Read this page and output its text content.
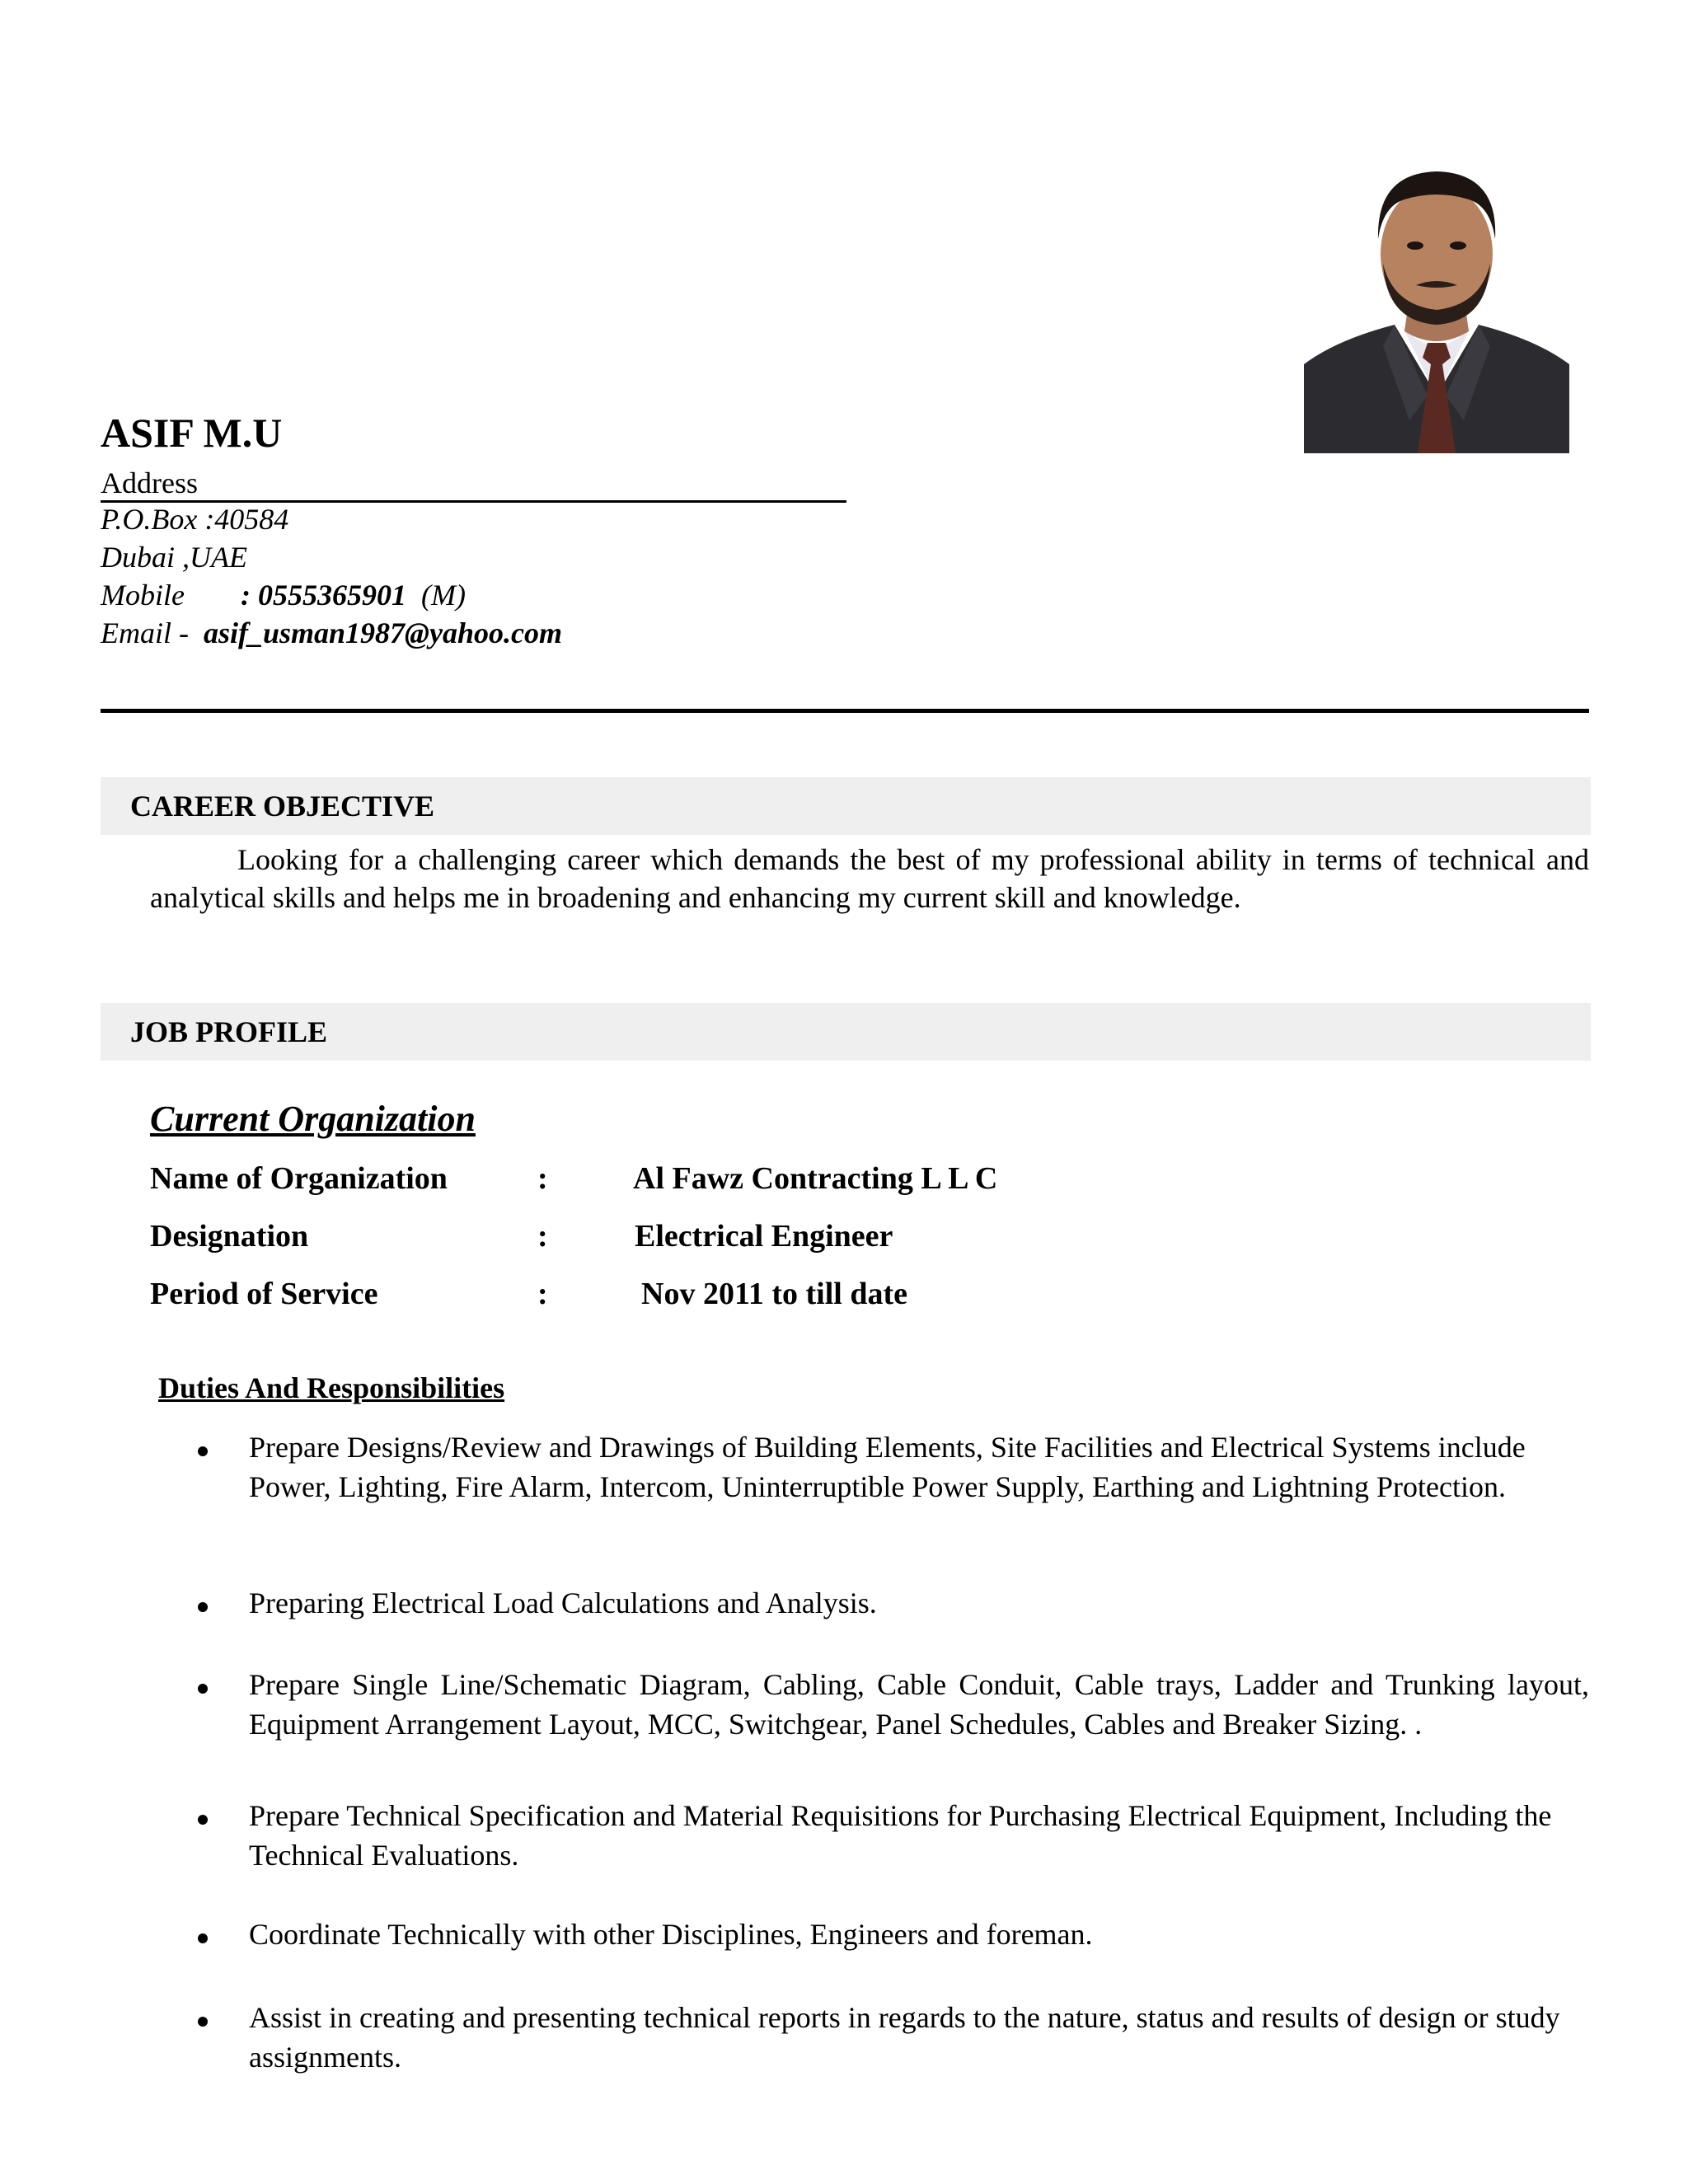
ASIF M.U
Address
P.O.Box :40584
Dubai ,UAE
Mobile : 0555365901 (M)
Email - asif_usman1987@yahoo.com
CAREER OBJECTIVE
Looking for a challenging career which demands the best of my professional ability in terms of technical and analytical skills and helps me in broadening and enhancing my current skill and knowledge.
JOB PROFILE
Current Organization
Name of Organization	:	Al Fawz Contracting L L C
Designation	:	Electrical Engineer
Period of Service	:	Nov 2011 to till date
Duties And Responsibilities
Prepare Designs/Review and Drawings of Building Elements, Site Facilities and Electrical Systems include Power, Lighting, Fire Alarm, Intercom, Uninterruptible Power Supply, Earthing and Lightning Protection.
Preparing Electrical Load Calculations and Analysis.
Prepare Single Line/Schematic Diagram, Cabling, Cable Conduit, Cable trays, Ladder and Trunking layout, Equipment Arrangement Layout, MCC, Switchgear, Panel Schedules, Cables and Breaker Sizing. .
Prepare Technical Specification and Material Requisitions for Purchasing Electrical Equipment, Including the Technical Evaluations.
Coordinate Technically with other Disciplines, Engineers and foreman.
Assist in creating and presenting technical reports in regards to the nature, status and results of design or study assignments.
